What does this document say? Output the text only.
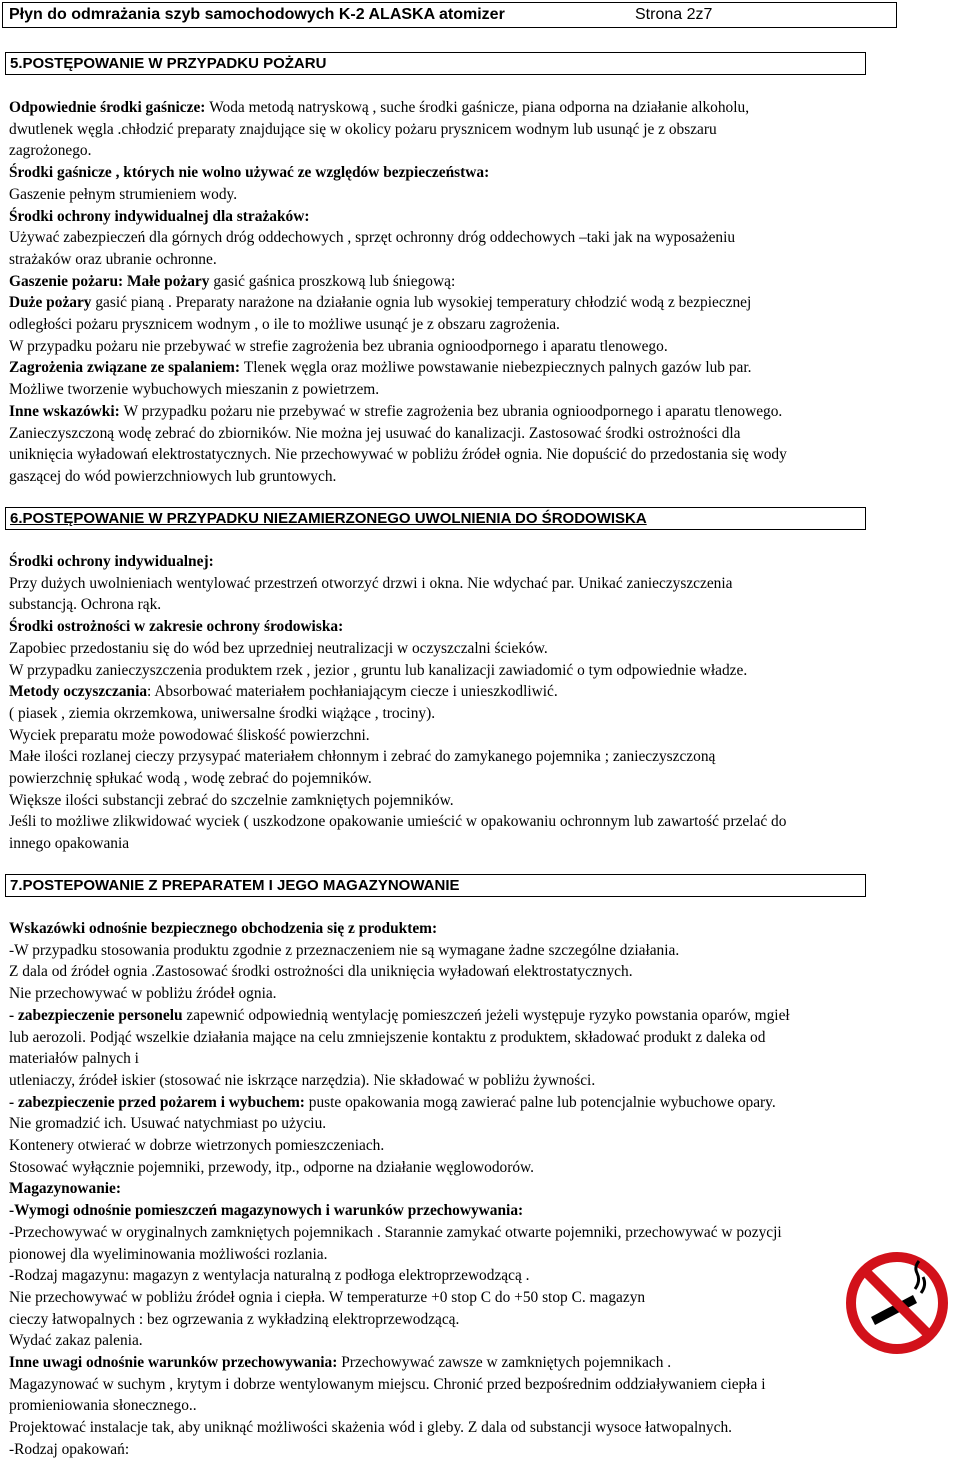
Płyn do odmrażania szyb samochodowych K-2 ALASKA atomizer	Strona 2z7
5.POSTĘPOWANIE W PRZYPADKU POŻARU

Odpowiednie środki gaśnicze: Woda metodą natryskową , suche środki gaśnicze, piana odporna na działanie alkoholu,

dwutlenek węgla .chłodzić preparaty znajdujące się w okolicy pożaru prysznicem wodnym lub usunąć je z obszaru

zagrożonego.

Środki gaśnicze , których nie wolno używać ze względów bezpieczeństwa:

Gaszenie pełnym strumieniem wody.

Środki ochrony indywidualnej dla strażaków:

Używać zabezpieczeń dla górnych dróg oddechowych , sprzęt ochronny dróg oddechowych –taki jak na wyposażeniu

strażaków oraz ubranie ochronne.

Gaszenie pożaru: Małe pożary gasić gaśnica proszkową lub śniegową:

Duże pożary gasić pianą . Preparaty narażone na działanie ognia lub wysokiej temperatury chłodzić wodą z bezpiecznej

odległości pożaru prysznicem wodnym , o ile to możliwe usunąć je z obszaru zagrożenia.

W przypadku pożaru nie przebywać w strefie zagrożenia bez ubrania ognioodpornego i aparatu tlenowego.

Zagrożenia związane ze spalaniem: Tlenek węgla oraz możliwe powstawanie niebezpiecznych palnych gazów lub par.

Możliwe tworzenie wybuchowych mieszanin z powietrzem.

Inne wskazówki: W przypadku pożaru nie przebywać w strefie zagrożenia bez ubrania ognioodpornego i aparatu tlenowego.

Zanieczyszczoną wodę zebrać do zbiorników. Nie można jej usuwać do kanalizacji. Zastosować środki ostrożności dla

uniknięcia wyładowań elektrostatycznych. Nie przechowywać w pobliżu źródeł ognia. Nie dopuścić do przedostania się wody

gaszącej do wód powierzchniowych lub gruntowych.

6.POSTĘPOWANIE W PRZYPADKU NIEZAMIERZONEGO UWOLNIENIA DO ŚRODOWISKA

Środki ochrony indywidualnej:

Przy dużych uwolnieniach wentylować przestrzeń otworzyć drzwi i okna. Nie wdychać par. Unikać zanieczyszczenia

substancją. Ochrona rąk.

Środki ostrożności w zakresie ochrony środowiska:

Zapobiec przedostaniu się do wód bez uprzedniej neutralizacji w oczyszczalni ścieków.

W przypadku zanieczyszczenia produktem rzek , jezior , gruntu lub kanalizacji zawiadomić o tym odpowiednie władze.

Metody oczyszczania: Absorbować materiałem pochłaniającym ciecze i unieszkodliwić.

( piasek , ziemia okrzemkowa, uniwersalne środki wiążące , trociny).

Wyciek preparatu może powodować śliskość powierzchni.

Małe ilości rozlanej cieczy przysypać materiałem chłonnym i zebrać do zamykanego pojemnika ; zanieczyszczoną

powierzchnię spłukać wodą , wodę zebrać do pojemników.

Większe ilości substancji zebrać do szczelnie zamkniętych pojemników.

Jeśli to możliwe zlikwidować wyciek ( uszkodzone opakowanie umieścić w opakowaniu ochronnym lub zawartość przelać do

innego opakowania

7.POSTEPOWANIE Z PREPARATEM I JEGO MAGAZYNOWANIE

Wskazówki odnośnie bezpiecznego obchodzenia się z produktem:

-W przypadku stosowania produktu zgodnie z przeznaczeniem nie są wymagane żadne szczególne działania.

Z dala od źródeł ognia .Zastosować środki ostrożności dla uniknięcia wyładowań elektrostatycznych.

Nie przechowywać w pobliżu źródeł ognia.

- zabezpieczenie personelu zapewnić odpowiednią wentylację pomieszczeń jeżeli występuje ryzyko powstania oparów, mgieł

lub aerozoli. Podjąć wszelkie działania mające na celu zmniejszenie kontaktu z produktem, składować produkt z daleka od

materiałów palnych i

utleniaczy, źródeł iskier (stosować nie iskrzące narzędzia). Nie składować w pobliżu żywności.

- zabezpieczenie przed pożarem i wybuchem: puste opakowania mogą zawierać palne lub potencjalnie wybuchowe opary.

Nie gromadzić ich. Usuwać natychmiast po użyciu.

Kontenery otwierać w dobrze wietrzonych pomieszczeniach.

Stosować wyłącznie pojemniki, przewody, itp., odporne na działanie węglowodorów.

Magazynowanie:

-Wymogi odnośnie pomieszczeń magazynowych i warunków przechowywania:

-Przechowywać w oryginalnych zamkniętych pojemnikach . Starannie zamykać otwarte pojemniki, przechowywać w pozycji

pionowej dla wyeliminowania możliwości rozlania.

-Rodzaj magazynu: magazyn z wentylacja naturalną z podłoga elektroprzewodzącą .

Nie przechowywać w pobliżu źródeł ognia i ciepła. W temperaturze +0 stop C do +50 stop C. magazyn

cieczy łatwopalnych : bez ogrzewania z wykładziną elektroprzewodzącą.

Wydać zakaz palenia.

Inne uwagi odnośnie warunków przechowywania: Przechowywać zawsze w zamkniętych pojemnikach .

Magazynować w suchym , krytym i dobrze wentylowanym miejscu. Chronić przed bezpośrednim oddziaływaniem ciepła i

promieniowania słonecznego..

Projektować instalacje tak, aby uniknąć możliwości skażenia wód i gleby. Z dala od substancji wysoce łatwopalnych.

-Rodzaj opakowań:
